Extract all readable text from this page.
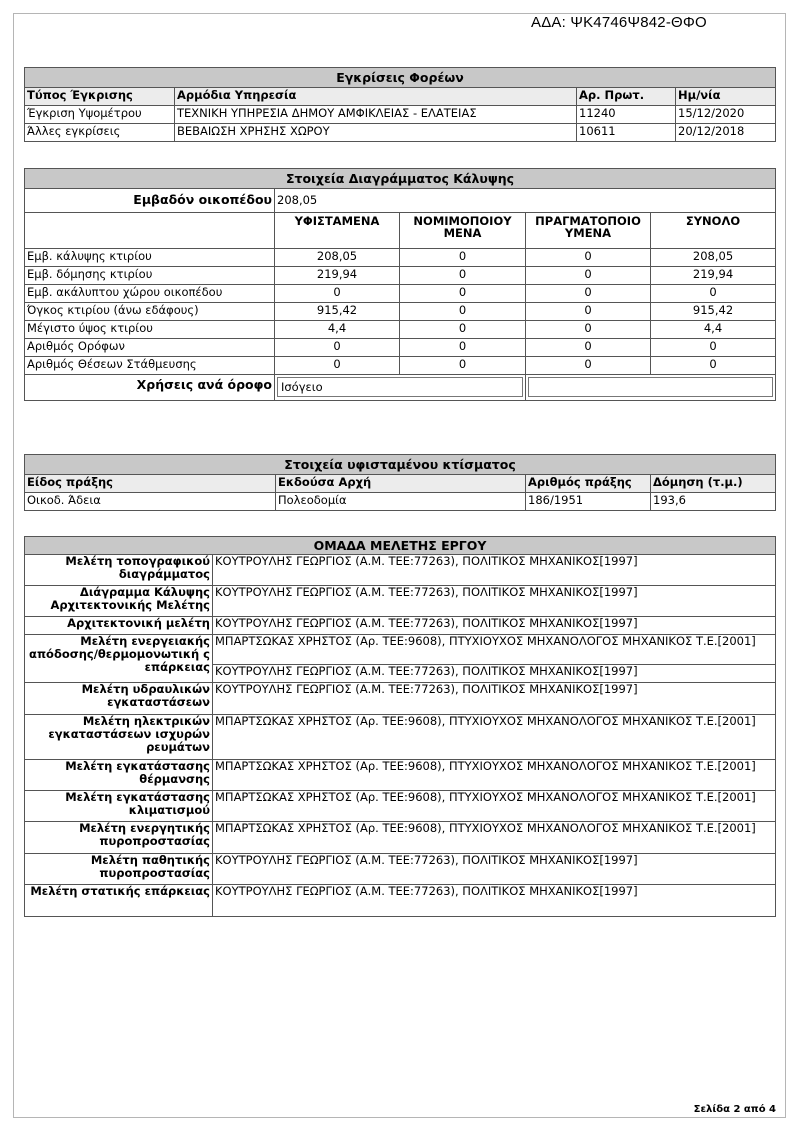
ΑΔΑ: ΨΚ4746Ψ842-ΘΦΟ
Εγκρίσεις Φορέων			
Τύπος Έγκρισης	Αρμόδια Υπηρεσία	Αρ. Πρωτ.	Ημ/νία
Έγκριση Υψομέτρου	ΤΕΧΝΙΚΗ ΥΠΗΡΕΣΙΑ ΔΗΜΟΥ ΑΜΦΙΚΛΕΙΑΣ - ΕΛΑΤΕΙΑΣ	11240	15/12/2020
Άλλες εγκρίσεις	ΒΕΒΑΙΩΣΗ ΧΡΗΣΗΣ ΧΩΡΟΥ	10611	20/12/2018
Στοιχεία Διαγράμματος Κάλυψης				
Εμβαδόν οικοπέδου	208,05			
	ΥΦΙΣΤΑΜΕΝΑ	ΝΟΜΙΜΟΠΟΙΟΥ ΜΕΝΑ	ΠΡΑΓΜΑΤΟΠΟΙΟ ΥΜΕΝΑ	ΣΥΝΟΛΟ
Εμβ. κάλυψης κτιρίου	208,05	0	0	208,05
Εμβ. δόμησης κτιρίου	219,94	0	0	219,94
Εμβ. ακάλυπτου χώρου οικοπέδου	0	0	0	0
Όγκος κτιρίου (άνω εδάφους)	915,42	0	0	915,42
Μέγιστο ύψος κτιρίου	4,4	0	0	4,4
Αριθμός Ορόφων	0	0	0	0
Αριθμός Θέσεων Στάθμευσης	0	0	0	0
Χρήσεις ανά όροφο	Ισόγειο			

Στοιχεία υφισταμένου κτίσματος			
Είδος πράξης	Εκδούσα Αρχή	Αριθμός πράξης	Δόμηση (τ.μ.)
Οικοδ. Άδεια	Πολεοδομία	186/1951	193,6
ΟΜΑΔΑ ΜΕΛΕΤΗΣ ΕΡΓΟΥ	
Μελέτη τοπογραφικού διαγράμματος	ΚΟΥΤΡΟΥΛΗΣ ΓΕΩΡΓΙΟΣ (Α.Μ. ΤΕΕ:77263), ΠΟΛΙΤΙΚΟΣ ΜΗΧΑΝΙΚΟΣ[1997]
Διάγραμμα Κάλυψης Αρχιτεκτονικής Μελέτης	ΚΟΥΤΡΟΥΛΗΣ ΓΕΩΡΓΙΟΣ (Α.Μ. ΤΕΕ:77263), ΠΟΛΙΤΙΚΟΣ ΜΗΧΑΝΙΚΟΣ[1997]
Αρχιτεκτονική μελέτη	ΚΟΥΤΡΟΥΛΗΣ ΓΕΩΡΓΙΟΣ (Α.Μ. ΤΕΕ:77263), ΠΟΛΙΤΙΚΟΣ ΜΗΧΑΝΙΚΟΣ[1997]
Μελέτη ενεργειακής απόδοσης/θερμομονωτική ς επάρκειας	ΜΠΑΡΤΣΩΚΑΣ ΧΡΗΣΤΟΣ (Αρ. ΤΕΕ:9608), ΠΤΥΧΙΟΥΧΟΣ ΜΗΧΑΝΟΛΟΓΟΣ ΜΗΧΑΝΙΚΟΣ Τ.Ε.[2001]
	ΚΟΥΤΡΟΥΛΗΣ ΓΕΩΡΓΙΟΣ (Α.Μ. ΤΕΕ:77263), ΠΟΛΙΤΙΚΟΣ ΜΗΧΑΝΙΚΟΣ[1997]
Μελέτη υδραυλικών εγκαταστάσεων	ΚΟΥΤΡΟΥΛΗΣ ΓΕΩΡΓΙΟΣ (Α.Μ. ΤΕΕ:77263), ΠΟΛΙΤΙΚΟΣ ΜΗΧΑΝΙΚΟΣ[1997]
Μελέτη ηλεκτρικών εγκαταστάσεων ισχυρών ρευμάτων	ΜΠΑΡΤΣΩΚΑΣ ΧΡΗΣΤΟΣ (Αρ. ΤΕΕ:9608), ΠΤΥΧΙΟΥΧΟΣ ΜΗΧΑΝΟΛΟΓΟΣ ΜΗΧΑΝΙΚΟΣ Τ.Ε.[2001]
Μελέτη εγκατάστασης θέρμανσης	ΜΠΑΡΤΣΩΚΑΣ ΧΡΗΣΤΟΣ (Αρ. ΤΕΕ:9608), ΠΤΥΧΙΟΥΧΟΣ ΜΗΧΑΝΟΛΟΓΟΣ ΜΗΧΑΝΙΚΟΣ Τ.Ε.[2001]
Μελέτη εγκατάστασης κλιματισμού	ΜΠΑΡΤΣΩΚΑΣ ΧΡΗΣΤΟΣ (Αρ. ΤΕΕ:9608), ΠΤΥΧΙΟΥΧΟΣ ΜΗΧΑΝΟΛΟΓΟΣ ΜΗΧΑΝΙΚΟΣ Τ.Ε.[2001]
Μελέτη ενεργητικής πυροπροστασίας	ΜΠΑΡΤΣΩΚΑΣ ΧΡΗΣΤΟΣ (Αρ. ΤΕΕ:9608), ΠΤΥΧΙΟΥΧΟΣ ΜΗΧΑΝΟΛΟΓΟΣ ΜΗΧΑΝΙΚΟΣ Τ.Ε.[2001]
Μελέτη παθητικής πυροπροστασίας	ΚΟΥΤΡΟΥΛΗΣ ΓΕΩΡΓΙΟΣ (Α.Μ. ΤΕΕ:77263), ΠΟΛΙΤΙΚΟΣ ΜΗΧΑΝΙΚΟΣ[1997]
Μελέτη στατικής επάρκειας	ΚΟΥΤΡΟΥΛΗΣ ΓΕΩΡΓΙΟΣ (Α.Μ. ΤΕΕ:77263), ΠΟΛΙΤΙΚΟΣ ΜΗΧΑΝΙΚΟΣ[1997]
Σελίδα 2 από 4
